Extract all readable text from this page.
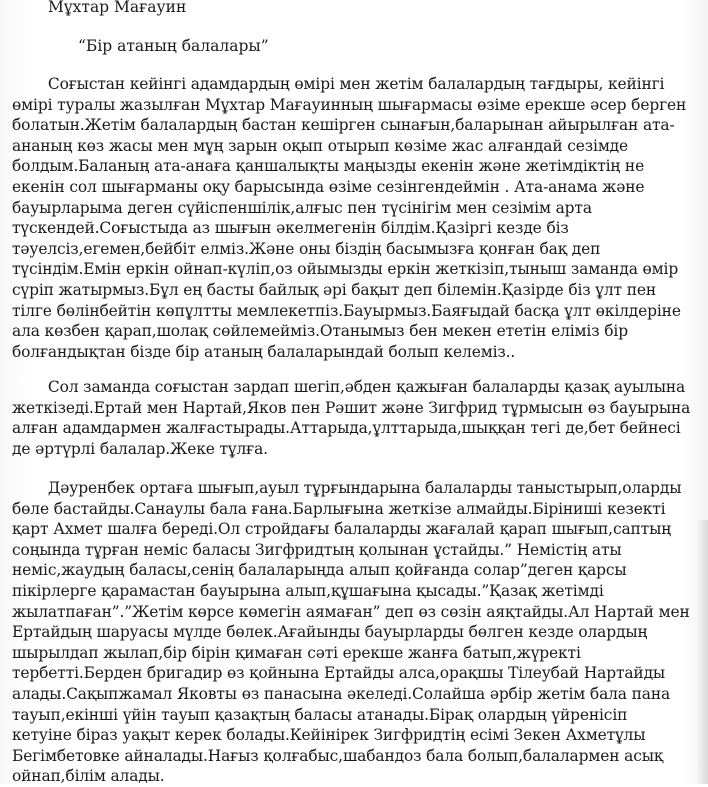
Мұхтар Мағауин
“Бір атаның балалары”
Соғыстан кейінгі адамдардың өмірі мен жетім балалардың тағдыры, кейінгі
өмірі туралы жазылған Мұхтар Мағауинның шығармасы өзіме ерекше әсер берген
болатын.Жетім балалардың бастан кешірген сынағын,баларынан айырылған ата-
ананың көз жасы мен мұң зарын оқып отырып көзіме жас алғандай сезімде
болдым.Баланың ата-анаға қаншалықты маңызды екенін және жетімдіктің не
екенін сол шығарманы оқу барысында өзіме сезінгендеймін . Ата-анама және
бауырларыма деген сүйіспеншілік,алғыс пен түсінігім мен сезімім арта
түскендей.Соғыстыда аз шығын әкелмегенін білдім.Қазіргі кезде біз
тәуелсіз,егемен,бейбіт елміз.Және оны біздің басымызға қонған бақ деп
түсіндім.Емін еркін ойнап-күліп,оз ойымызды еркін жеткізіп,тыныш заманда өмір
сүріп жатырмыз.Бұл ең басты байлық әрі бақыт деп білемін.Қазірде біз ұлт пен
тілге бөлінбейтін көпұлтты мемлекетпіз.Бауырмыз.Баяғыдай басқа ұлт өкілдеріне
ала көзбен қарап,шолақ сөйлемейміз.Отанымыз бен мекен ететін еліміз бір
болғандықтан бізде бір атаның балаларындай болып келеміз..
Сол заманда соғыстан зардап шегіп,әбден қажыған балаларды қазақ ауылына
жеткізеді.Ертай мен Нартай,Яков пен Рәшит және Зигфрид тұрмысын өз бауырына
алған адамдармен жалғастырады.Аттарыда,ұлттарыда,шыққан тегі де,бет бейнесі
де әртүрлі балалар.Жеке тұлға.
Дәуренбек ортаға шығып,ауыл тұрғындарына балаларды таныстырып,оларды
бөле бастайды.Санаулы бала ғана.Барлығына жеткізе алмайды.Біріниші кезекті
қарт Ахмет шалға береді.Ол стройдағы балаларды жағалай қарап шығып,саптың
соңында тұрған неміс баласы Зигфридтың қолынан ұстайды.” Немістің аты
неміс,жаудың баласы,сенің балаларыңда алып қойғанда солар”деген қарсы
пікірлерге қарамастан бауырына алып,құшағына қысады.”Қазақ жетімді
жылатпаған”.”Жетім көрсе көмегін аямаған” деп өз сөзін аяқтайды.Ал Нартай мен
Ертайдың шаруасы мүлде бөлек.Ағайынды бауырларды бөлген кезде олардың
шырылдап жылап,бір бірін қимаған сәті ерекше жанға батып,жүректі
тербетті.Берден бригадир өз қойнына Ертайды алса,орақшы Тілеубай Нартайды
алады.Сақыпжамал Яковты өз панасына әкеледі.Солайша әрбір жетім бала пана
тауып,екінші үйін тауып қазақтың баласы атанады.Бірақ олардың үйренісіп
кетуіне біраз уақыт керек болады.Кейінірек Зигфридтің есімі Зекен Ахметұлы
Бегімбетовке айналады.Нағыз қолғабыс,шабандоз бала болып,балалармен асық
ойнап,білім алады.
